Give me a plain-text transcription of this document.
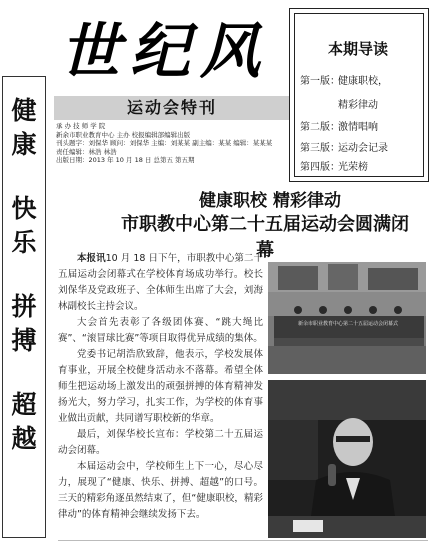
健
康
快
乐
拼
搏
超
越
世纪风
运动会特刊
承 办 技 师 学 院
新余市职业教育中心 主办 校报编辑部编辑出版
刊头题字：刘保华 顾问：刘保华 主编：刘某某 副主编：某某 编辑：某某某
责任编辑：林浩 林浩
出版日期：2013 年 10 月 18 日 总第五 第五期
本期导读
第一版：健康职校，
精彩律动
第二版：激情唱响
第三版：运动会记录
第四版：光荣榜
健康职校 精彩律动
市职教中心第二十五届运动会圆满闭幕

本报讯10 月 18 日下午，市职教中心第二十五届运动会闭幕式在学校体育场成功举行。校长刘保华及党政班子、全体师生出席了大会，刘海林副校长主持会议。

大会首先表彰了各级团体赛、“跳大绳比赛”、“滚冒球比赛”等项目取得优异成绩的集体。

党委书记胡浩欣致辞，他表示，学校发展体育事业，开展全校健身活动永不落幕。希望全体师生把运动场上激发出的顽强拼搏的体育精神发扬光大，努力学习，扎实工作，为学校的体育事业做出贡献，共同谱写职校新的华章。

最后，刘保华校长宣布：学校第二十五届运动会闭幕。

本届运动会中，学校师生上下一心，尽心尽力，展现了“健康、快乐、拼搏、超越”的口号。三天的精彩角逐虽然结束了，但“健康职校，精彩律动”的体育精神会继续发扬下去。

新余市职业教育中心第二十五届运动会闭幕式
